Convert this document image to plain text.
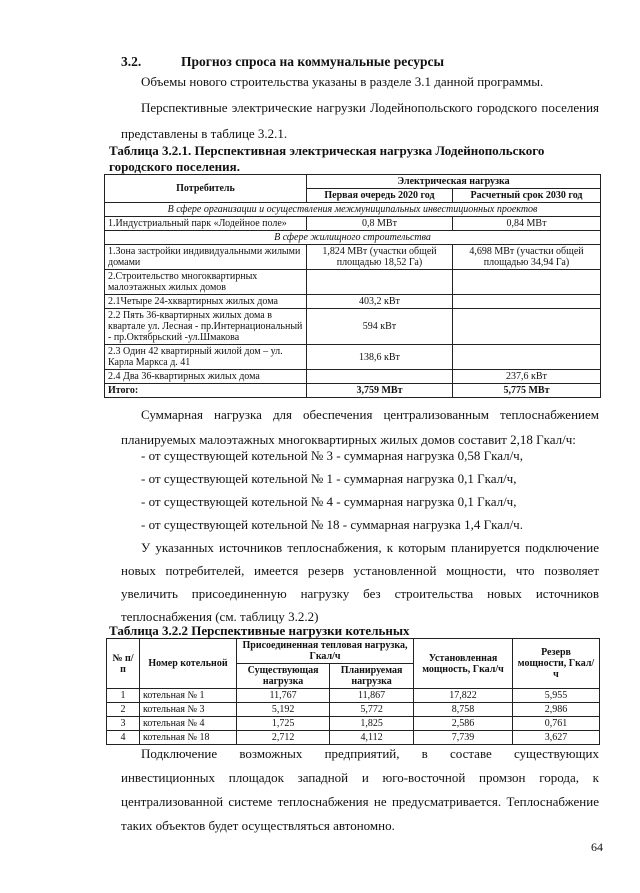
3.2.	Прогноз спроса на коммунальные ресурсы
Объемы нового строительства указаны в разделе 3.1 данной программы.
Перспективные электрические нагрузки Лодейнопольского городского поселения представлены в таблице 3.2.1.
Таблица 3.2.1. Перспективная электрическая нагрузка Лодейнопольского городского поселения.
Потребитель	Электрическая нагрузка	
	Первая очередь 2020 год	Расчетный срок 2030 год
В сфере организации и осуществления межмуниципальных инвестиционных проектов		
1.Индустриальный парк «Лодейное поле»	0,8 МВт	0,84 МВт
В сфере жилищного строительства		
1.Зона застройки индивидуальными жилыми домами	1,824 МВт (участки общей площадью 18,52 Га)	4,698 МВт (участки общей площадью 34,94 Га)
2.Строительство многоквартирных малоэтажных жилых домов		
2.1Четыре 24-хквартирных жилых дома	403,2 кВт	
2.2 Пять 36-квартирных жилых дома в квартале ул. Лесная - пр.Интернациональный - пр.Октябрьский -ул.Шмакова	594 кВт	
2.3 Один 42 квартирный жилой дом – ул. Карла Маркса д. 41	138,6 кВт	
2.4 Два 36-квартирных жилых дома		237,6 кВт
Итого:	3,759 МВт	5,775 МВт
Суммарная нагрузка для обеспечения централизованным теплоснабжением планируемых малоэтажных многоквартирных жилых домов составит 2,18 Гкал/ч:
- от существующей котельной № 3 - суммарная нагрузка 0,58 Гкал/ч,
- от существующей котельной № 1 - суммарная нагрузка 0,1 Гкал/ч,
- от существующей котельной № 4 - суммарная нагрузка 0,1 Гкал/ч,
- от существующей котельной № 18 - суммарная нагрузка 1,4 Гкал/ч.
У указанных источников теплоснабжения, к которым планируется подключение новых потребителей, имеется резерв установленной мощности, что позволяет увеличить присоединенную нагрузку без строительства новых источников теплоснабжения (см. таблицу 3.2.2)
Таблица 3.2.2 Перспективные нагрузки котельных
№ п/п	Номер котельной	Присоединенная тепловая нагрузка, Гкал/ч		Установленная мощность, Гкал/ч	Резерв мощности, Гкал/ч
		Существующая нагрузка	Планируемая нагрузка		
1	котельная № 1	11,767	11,867	17,822	5,955
2	котельная № 3	5,192	5,772	8,758	2,986
3	котельная № 4	1,725	1,825	2,586	0,761
4	котельная № 18	2,712	4,112	7,739	3,627
Подключение возможных предприятий, в составе существующих инвестиционных площадок западной и юго-восточной промзон города, к централизованной системе теплоснабжения не предусматривается. Теплоснабжение таких объектов будет осуществляться автономно.
64
